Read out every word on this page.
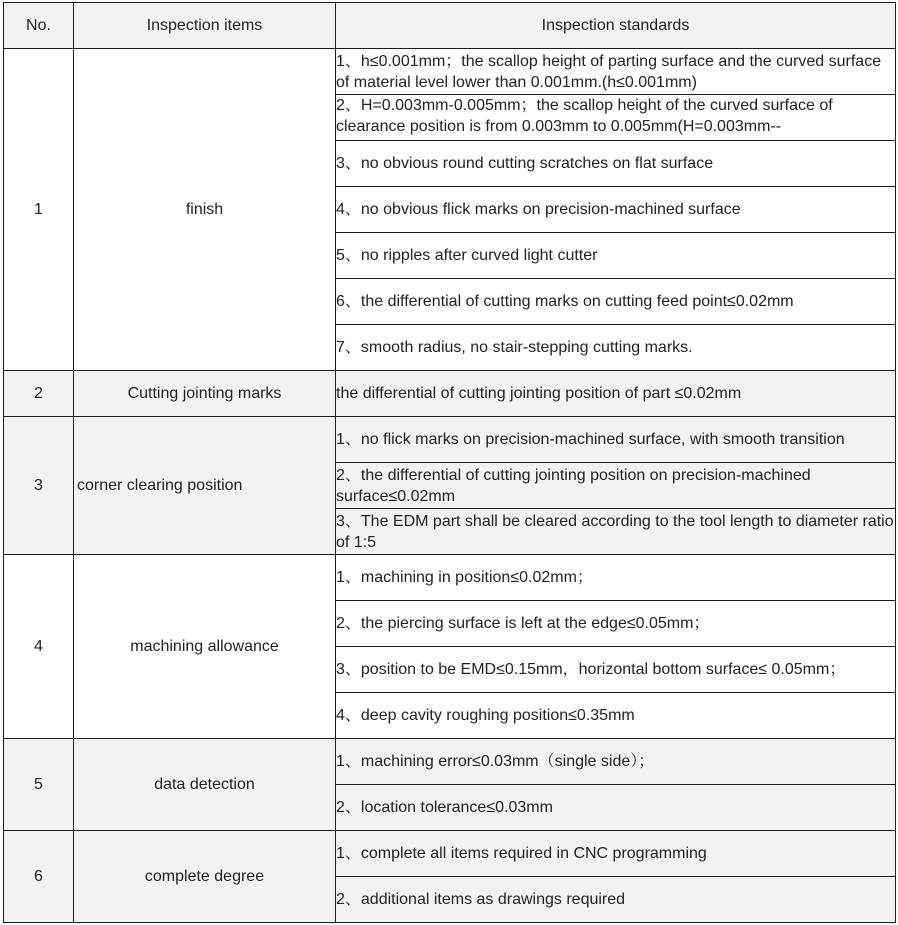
No.	Inspection items	Inspection standards
1	finish	1、h≤0.001mm；the scallop height of parting surface and the curved surface of material level lower than 0.001mm.(h≤0.001mm)

		2、H=0.003mm-0.005mm；the scallop height of the curved surface of clearance position is from 0.003mm to 0.005mm(H=0.003mm--

		3、no obvious round cutting scratches on flat surface
		4、no obvious flick marks on precision-machined surface
		5、no ripples after curved light cutter
		6、the differential of cutting marks on cutting feed point≤0.02mm
		7、smooth radius, no stair-stepping cutting marks.
2	Cutting jointing marks	the differential of cutting jointing position of part ≤0.02mm
3	corner clearing position	1、no flick marks on precision-machined surface, with smooth transition
		2、the differential of cutting jointing position on precision-machined surface≤0.02mm
		3、The EDM part shall be cleared according to the tool length to diameter ratio of 1:5
4	machining allowance	1、machining in position≤0.02mm；
		2、the piercing surface is left at the edge≤0.05mm；
		3、position to be EMD≤0.15mm，horizontal bottom surface≤ 0.05mm；
		4、deep cavity roughing position≤0.35mm
5	data detection	1、machining error≤0.03mm（single side）；
		2、location tolerance≤0.03mm
6	complete degree	1、complete all items required in CNC programming
		2、additional items as drawings required
